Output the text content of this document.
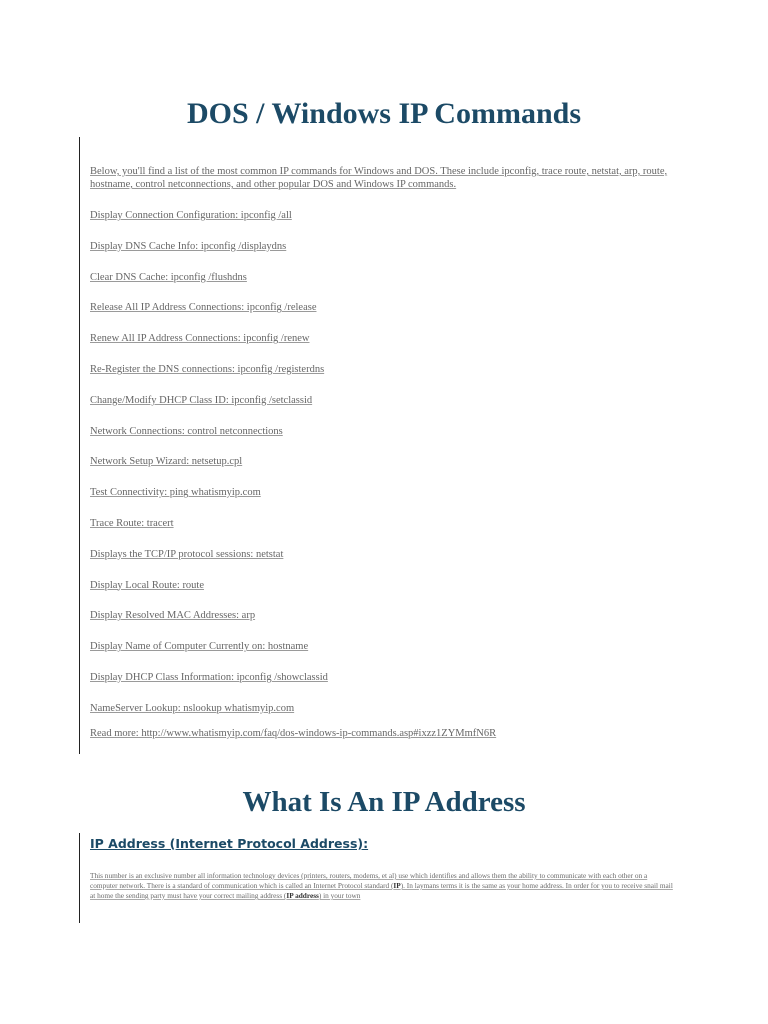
DOS / Windows IP Commands

Below, you'll find a list of the most common IP commands for Windows and DOS. These include ipconfig, trace route, netstat, arp, route, hostname, control netconnections, and other popular DOS and Windows IP commands.

Display Connection Configuration: ipconfig /all
Display DNS Cache Info: ipconfig /displaydns
Clear DNS Cache: ipconfig /flushdns
Release All IP Address Connections: ipconfig /release
Renew All IP Address Connections: ipconfig /renew
Re-Register the DNS connections: ipconfig /registerdns
Change/Modify DHCP Class ID: ipconfig /setclassid
Network Connections: control netconnections
Network Setup Wizard: netsetup.cpl
Test Connectivity: ping whatismyip.com
Trace Route: tracert
Displays the TCP/IP protocol sessions: netstat
Display Local Route: route
Display Resolved MAC Addresses: arp
Display Name of Computer Currently on: hostname
Display DHCP Class Information: ipconfig /showclassid
NameServer Lookup: nslookup whatismyip.com
Read more: http://www.whatismyip.com/faq/dos-windows-ip-commands.asp#ixzz1ZYMmfN6R
What Is An IP Address
IP Address (Internet Protocol Address):

This number is an exclusive number all information technology devices (printers, routers, modems, et al) use which identifies and allows them the ability to communicate with each other on a computer network. There is a standard of communication which is called an Internet Protocol standard (IP). In laymans terms it is the same as your home address. In order for you to receive snail mail at home the sending party must have your correct mailing address (IP address) in your town
